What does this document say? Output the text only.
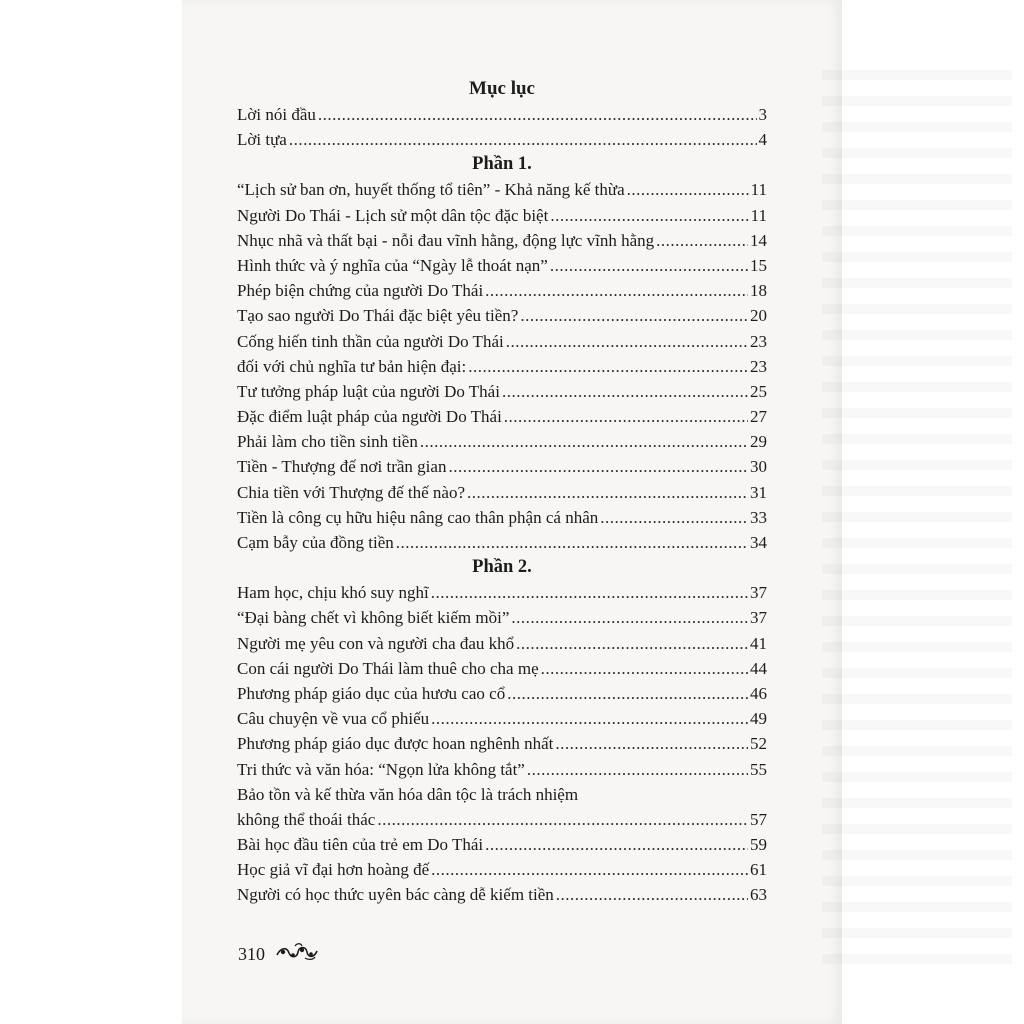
Mục lục
Lời nói đầu .....	3
Lời tựa .....	4
Phần 1.
“Lịch sử ban ơn, huyết thống tổ tiên” - Khả năng kế thừa .....	11
Người Do Thái - Lịch sử một dân tộc đặc biệt .....	11
Nhục nhã và thất bại - nỗi đau vĩnh hằng, động lực vĩnh hằng .....	14
Hình thức và ý nghĩa của “Ngày lễ thoát nạn” .....	15
Phép biện chứng của người Do Thái .....	18
Tạo sao người Do Thái đặc biệt yêu tiền? .....	20
Cống hiến tinh thần của người Do Thái .....	23
đối với chủ nghĩa tư bản hiện đại: .....	23
Tư tưởng pháp luật của người Do Thái .....	25
Đặc điểm luật pháp của người Do Thái .....	27
Phải làm cho tiền sinh tiền .....	29
Tiền - Thượng đế nơi trần gian .....	30
Chia tiền với Thượng đế thế nào? .....	31
Tiền là công cụ hữu hiệu nâng cao thân phận cá nhân .....	33
Cạm bẫy của đồng tiền .....	34
Phần 2.
Ham học, chịu khó suy nghĩ .....	37
“Đại bàng chết vì không biết kiếm mồi” .....	37
Người mẹ yêu con và người cha đau khổ .....	41
Con cái người Do Thái làm thuê cho cha mẹ .....	44
Phương pháp giáo dục của hươu cao cổ .....	46
Câu chuyện về vua cổ phiếu .....	49
Phương pháp giáo dục được hoan nghênh nhất .....	52
Tri thức và văn hóa: “Ngọn lửa không tắt” .....	55
Bảo tồn và kế thừa văn hóa dân tộc là trách nhiệm
không thể thoái thác .....	57
Bài học đầu tiên của trẻ em Do Thái .....	59
Học giả vĩ đại hơn hoàng đế .....	61
Người có học thức uyên bác càng dễ kiếm tiền .....	63
310
